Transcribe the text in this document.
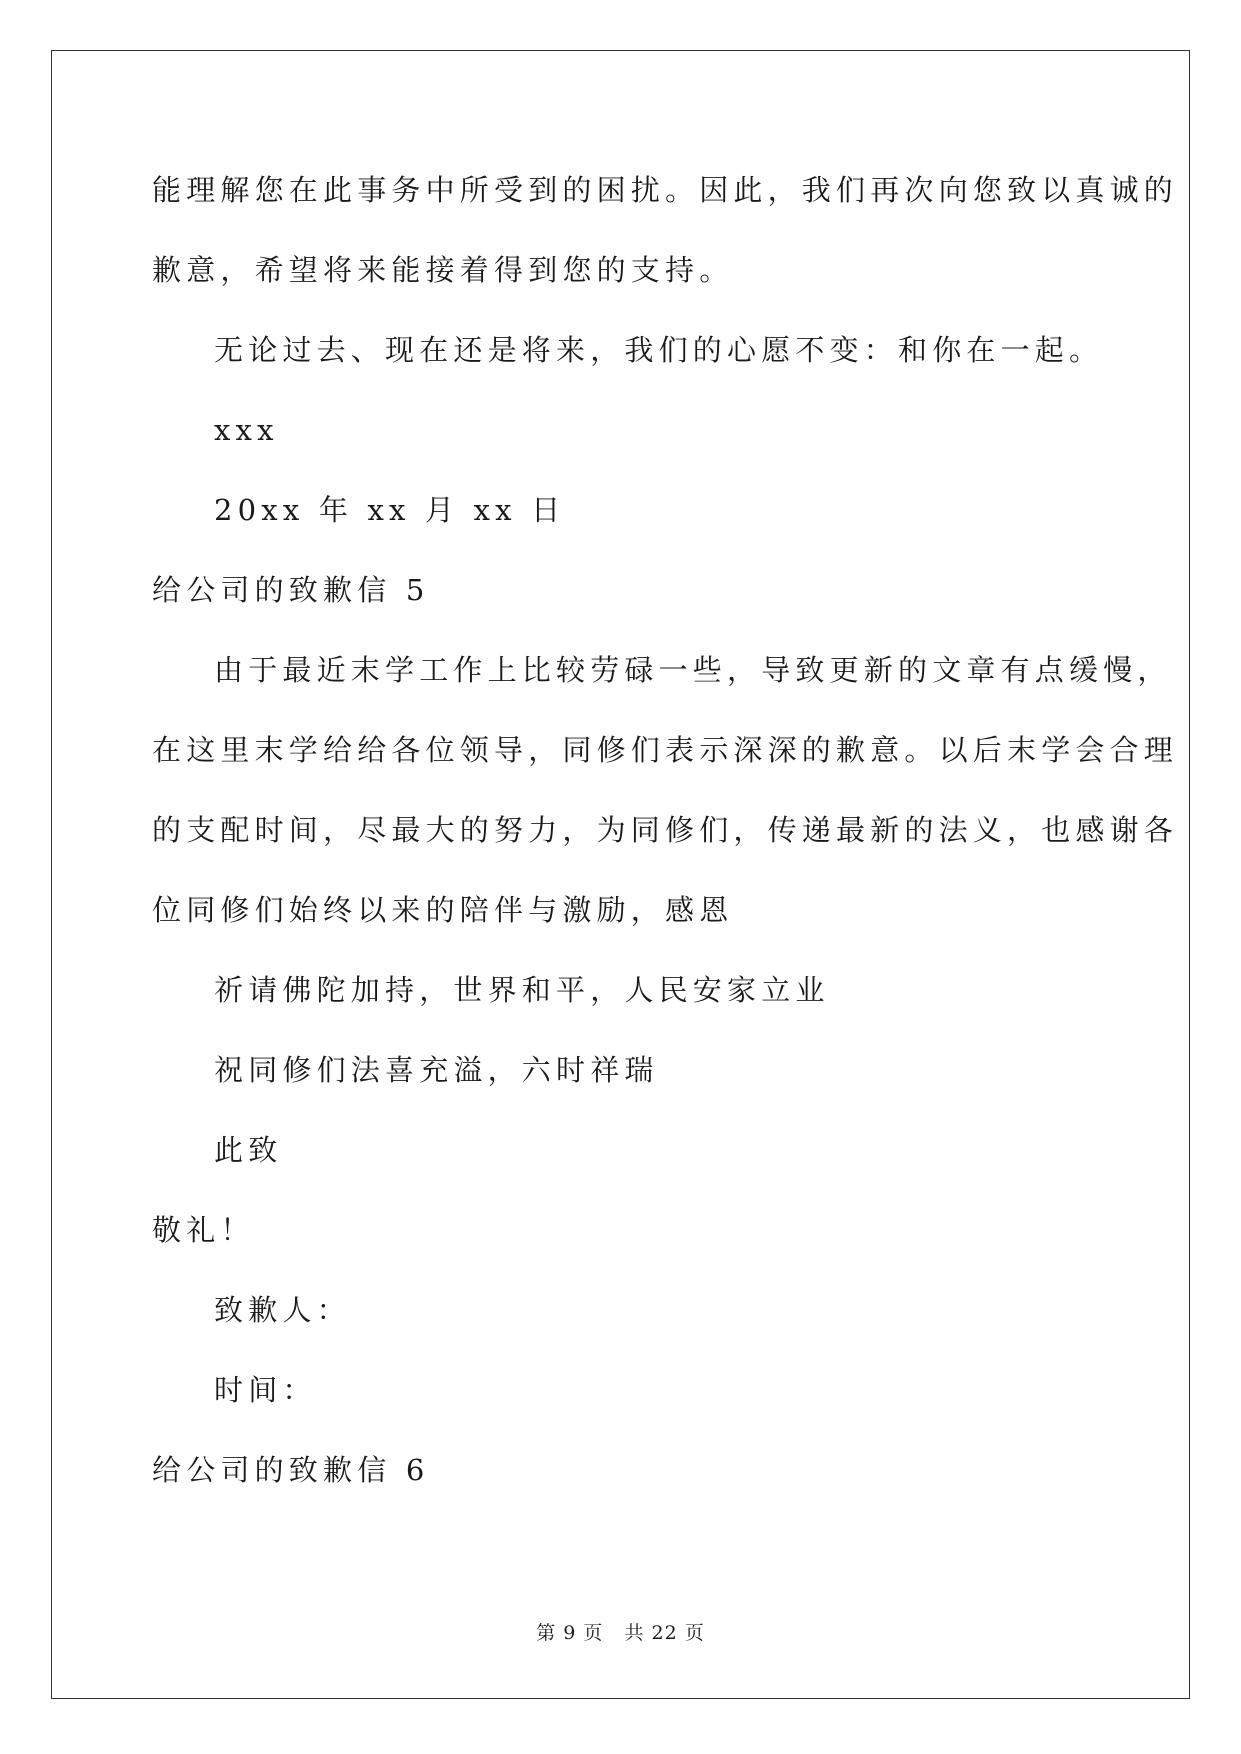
能理解您在此事务中所受到的困扰。因此，我们再次向您致以真诚的

歉意，希望将来能接着得到您的支持。

无论过去、现在还是将来，我们的心愿不变：和你在一起。

xxx

20xx 年 xx 月 xx 日

给公司的致歉信 5

由于最近末学工作上比较劳碌一些，导致更新的文章有点缓慢，

在这里末学给给各位领导，同修们表示深深的歉意。以后末学会合理

的支配时间，尽最大的努力，为同修们，传递最新的法义，也感谢各

位同修们始终以来的陪伴与激励，感恩

祈请佛陀加持，世界和平，人民安家立业

祝同修们法喜充溢，六时祥瑞

此致

敬礼！

致歉人：

时间：

给公司的致歉信 6

第 9 页   共 22 页
